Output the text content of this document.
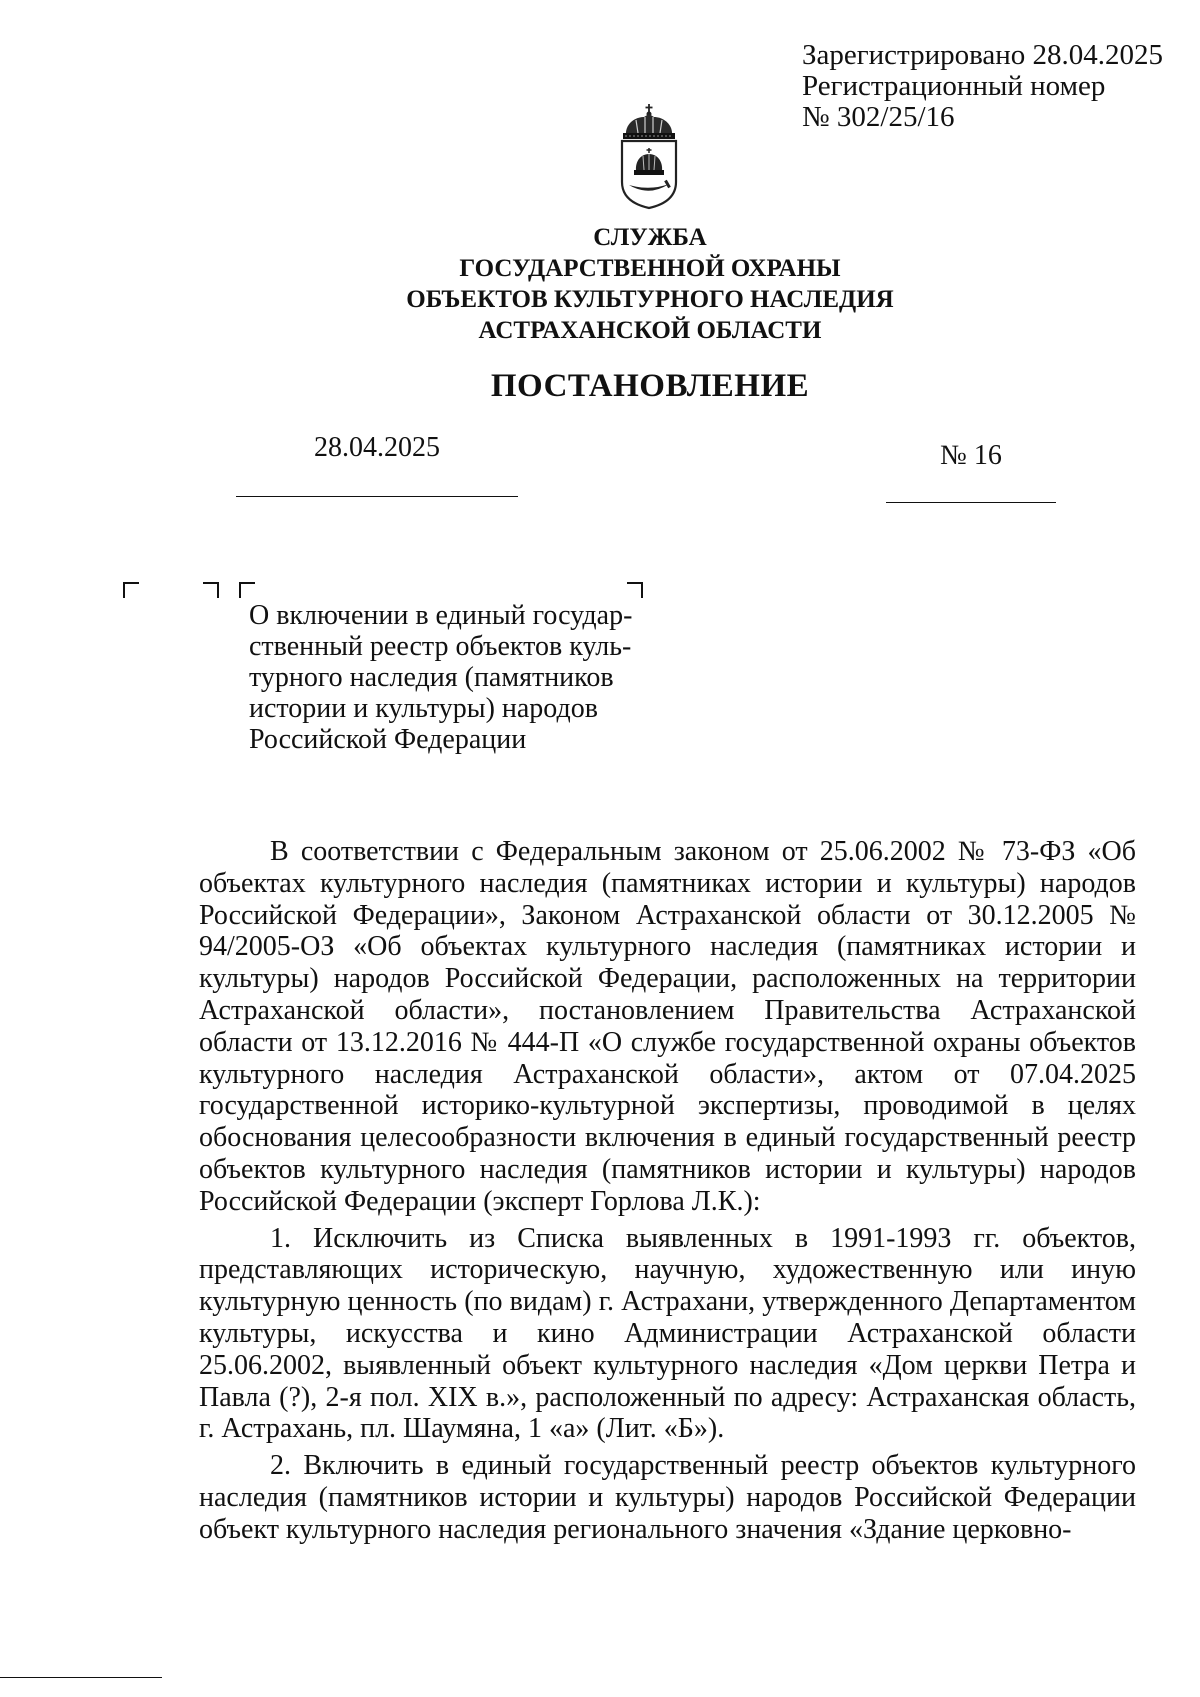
Зарегистрировано 28.04.2025
Регистрационный номер
№ 302/25/16
СЛУЖБА
ГОСУДАРСТВЕННОЙ ОХРАНЫ
ОБЪЕКТОВ КУЛЬТУРНОГО НАСЛЕДИЯ
АСТРАХАНСКОЙ ОБЛАСТИ
ПОСТАНОВЛЕНИЕ
28.04.2025	№ 16
О включении в единый государ-
ственный реестр объектов куль-
турного наследия (памятников
истории и культуры) народов
Российской Федерации

В соответствии с Федеральным законом от 25.06.2002 № 73-ФЗ «Об объектах культурного наследия (памятниках истории и культуры) народов Российской Федерации», Законом Астраханской области от 30.12.2005 № 94/2005-ОЗ «Об объектах культурного наследия (памятниках истории и культуры) народов Российской Федерации, расположенных на территории Астраханской области», постановлением Правительства Астраханской области от 13.12.2016 № 444-П «О службе государственной охраны объектов культурного наследия Астраханской области», актом от 07.04.2025 государственной историко-культурной экспертизы, проводимой в целях обоснования целесообразности включения в единый государственный реестр объектов культурного наследия (памятников истории и культуры) народов Российской Федерации (эксперт Горлова Л.К.):

1. Исключить из Списка выявленных в 1991-1993 гг. объектов, представляющих историческую, научную, художественную или иную культурную ценность (по видам) г. Астрахани, утвержденного Департаментом культуры, искусства и кино Администрации Астраханской области 25.06.2002, выявленный объект культурного наследия «Дом церкви Петра и Павла (?), 2-я пол. XIX в.», расположенный по адресу: Астраханская область, г. Астрахань, пл. Шаумяна, 1 «а» (Лит. «Б»).

2. Включить в единый государственный реестр объектов культурного наследия (памятников истории и культуры) народов Российской Федерации объект культурного наследия регионального значения «Здание церковно-
